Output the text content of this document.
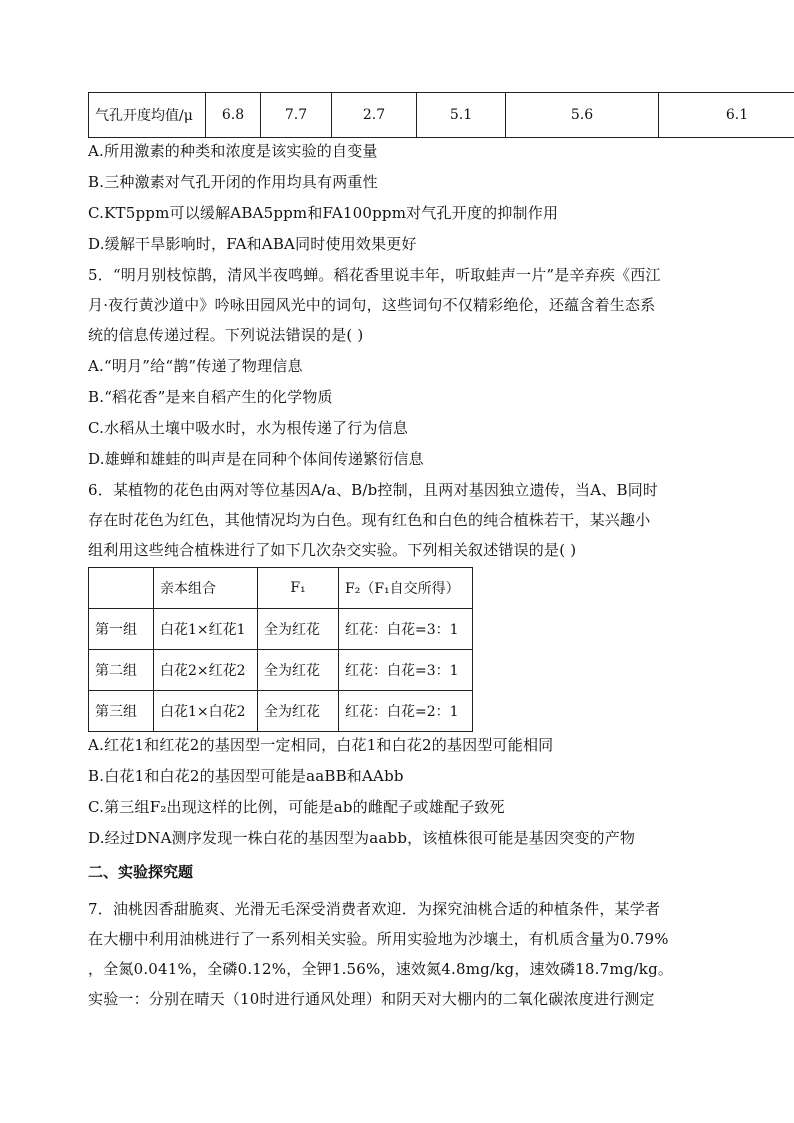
气孔开度均值/μ	6.8	7.7	2.7	5.1	5.6	6.1

A.所用激素的种类和浓度是该实验的自变量

B.三种激素对气孔开闭的作用均具有两重性

C.KT5ppm可以缓解ABA5ppm和FA100ppm对气孔开度的抑制作用

D.缓解干旱影响时，FA和ABA同时使用效果更好

5．“明月别枝惊鹊，清风半夜鸣蝉。稻花香里说丰年，听取蛙声一片”是辛弃疾《西江

月·夜行黄沙道中》吟咏田园风光中的词句，这些词句不仅精彩绝伦，还蕴含着生态系

统的信息传递过程。下列说法错误的是( )

A.“明月”给“鹊”传递了物理信息

B.“稻花香”是来自稻产生的化学物质

C.水稻从土壤中吸水时，水为根传递了行为信息

D.雄蝉和雄蛙的叫声是在同种个体间传递繁衍信息

6．某植物的花色由两对等位基因A/a、B/b控制，且两对基因独立遗传，当A、B同时

存在时花色为红色，其他情况均为白色。现有红色和白色的纯合植株若干，某兴趣小

组利用这些纯合植株进行了如下几次杂交实验。下列相关叙述错误的是( )

	亲本组合	F₁	F₂（F₁自交所得）
第一组	白花1×红花1	全为红花	红花：白花=3：1
第二组	白花2×红花2	全为红花	红花：白花=3：1
第三组	白花1×白花2	全为红花	红花：白花=2：1

A.红花1和红花2的基因型一定相同，白花1和白花2的基因型可能相同

B.白花1和白花2的基因型可能是aaBB和AAbb

C.第三组F₂出现这样的比例，可能是ab的雌配子或雄配子致死

D.经过DNA测序发现一株白花的基因型为aabb，该植株很可能是基因突变的产物

二、实验探究题

7．油桃因香甜脆爽、光滑无毛深受消费者欢迎．为探究油桃合适的种植条件，某学者

在大棚中利用油桃进行了一系列相关实验。所用实验地为沙壤土，有机质含量为0.79%

，全氮0.041%，全磷0.12%，全钾1.56%，速效氮4.8mg/kg，速效磷18.7mg/kg。

实验一：分别在晴天（10时进行通风处理）和阴天对大棚内的二氧化碳浓度进行测定
